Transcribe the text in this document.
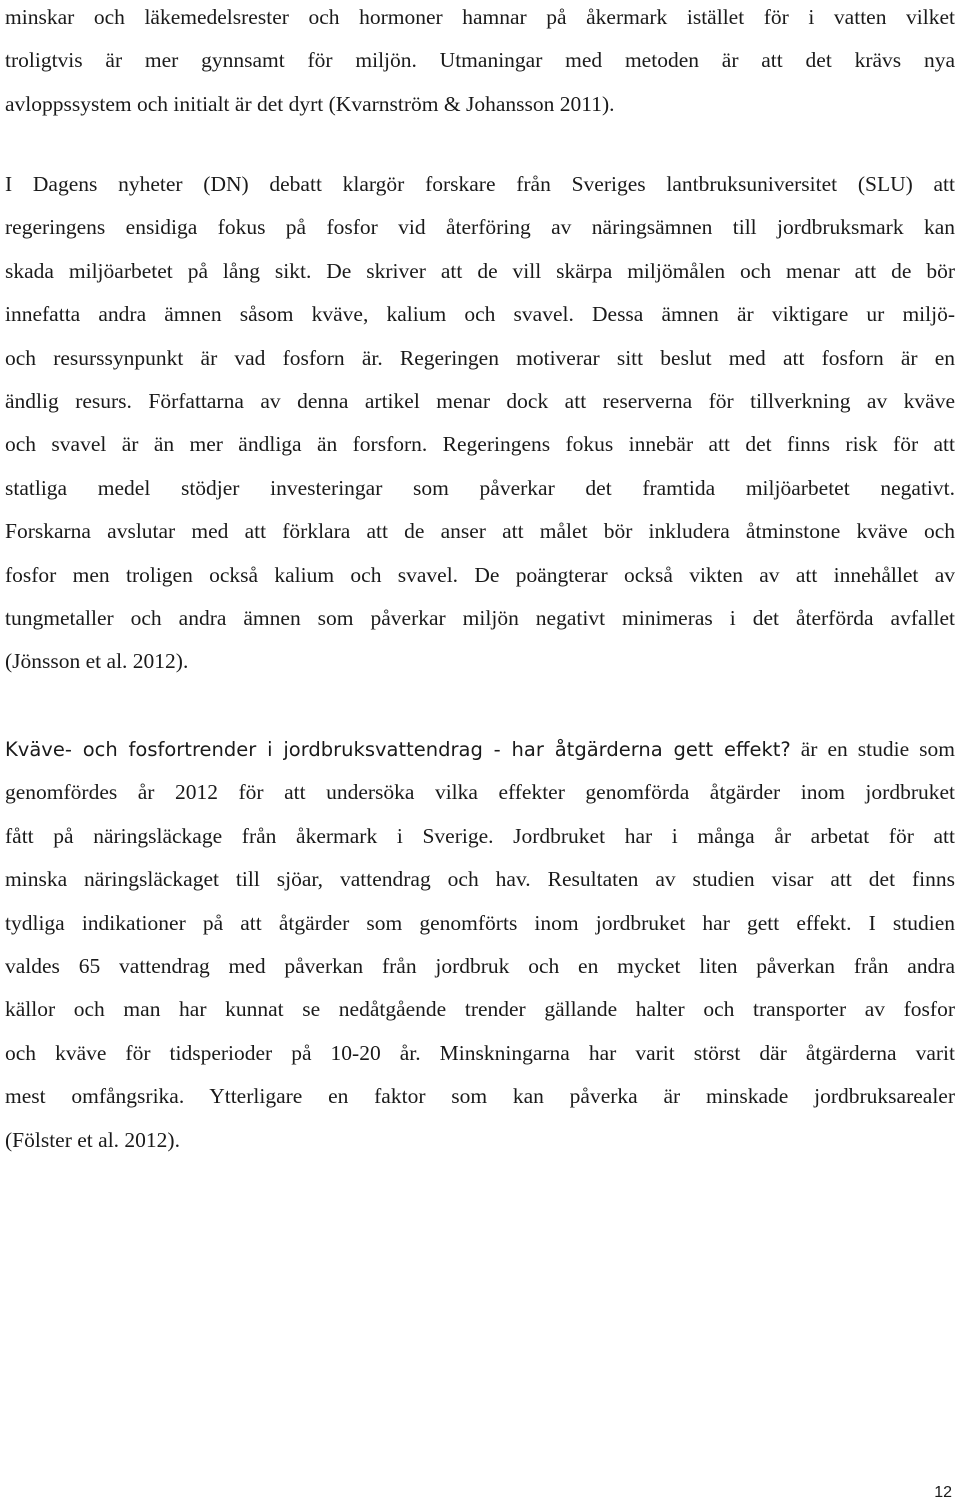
minskar och läkemedelsrester och hormoner hamnar på åkermark istället för i vatten vilket
troligtvis är mer gynnsamt för miljön. Utmaningar med metoden är att det krävs nya
avloppssystem och initialt är det dyrt (Kvarnström & Johansson 2011).

I Dagens nyheter (DN) debatt klargör forskare från Sveriges lantbruksuniversitet (SLU) att
regeringens ensidiga fokus på fosfor vid återföring av näringsämnen till jordbruksmark kan
skada miljöarbetet på lång sikt. De skriver att de vill skärpa miljömålen och menar att de bör
innefatta andra ämnen såsom kväve, kalium och svavel. Dessa ämnen är viktigare ur miljö-
och resurssynpunkt är vad fosforn är. Regeringen motiverar sitt beslut med att fosforn är en
ändlig resurs. Författarna av denna artikel menar dock att reserverna för tillverkning av kväve
och svavel är än mer ändliga än forsforn. Regeringens fokus innebär att det finns risk för att
statliga medel stödjer investeringar som påverkar det framtida miljöarbetet negativt.
Forskarna avslutar med att förklara att de anser att målet bör inkludera åtminstone kväve och
fosfor men troligen också kalium och svavel. De poängterar också vikten av att innehållet av
tungmetaller och andra ämnen som påverkar miljön negativt minimeras i det återförda avfallet
(Jönsson et al. 2012).

Kväve- och fosfortrender i jordbruksvattendrag - har åtgärderna gett effekt? är en studie som
genomfördes år 2012 för att undersöka vilka effekter genomförda åtgärder inom jordbruket
fått på näringsläckage från åkermark i Sverige. Jordbruket har i många år arbetat för att
minska näringsläckaget till sjöar, vattendrag och hav. Resultaten av studien visar att det finns
tydliga indikationer på att åtgärder som genomförts inom jordbruket har gett effekt. I studien
valdes 65 vattendrag med påverkan från jordbruk och en mycket liten påverkan från andra
källor och man har kunnat se nedåtgående trender gällande halter och transporter av fosfor
och kväve för tidsperioder på 10-20 år. Minskningarna har varit störst där åtgärderna varit
mest omfångsrika. Ytterligare en faktor som kan påverka är minskade jordbruksarealer
(Fölster et al. 2012).

12
